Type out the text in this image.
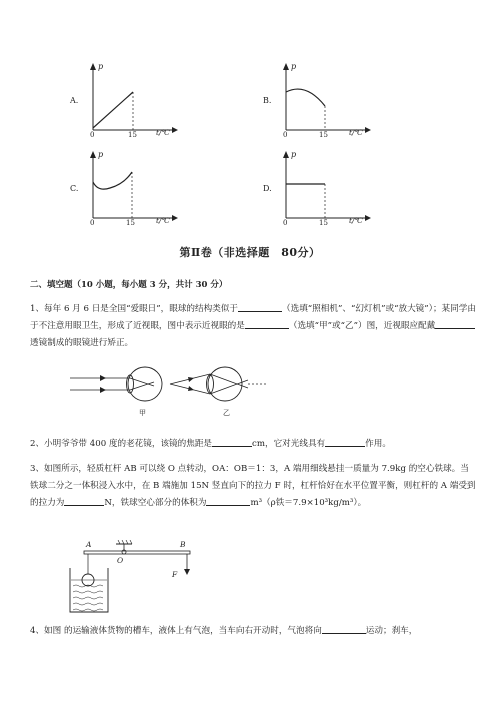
p
0	15	t/℃
A.
p
0	15	t/℃
B.
p
0	15	t/℃
C.
p
0	15	t/℃
D.
第Ⅱ卷（非选择题　80分）
二、填空题（10 小题，每小题 3 分，共计 30 分）
1、每年 6 月 6 日是全国“爱眼日”，眼球的结构类似于	（选填“照相机”、“幻灯机”或“放大镜”）；某同学由于不注意用眼卫生，形成了近视眼，图中表示近视眼的是	（选填“甲”或“乙”）图，近视眼应配戴透镜制成的眼镜进行矫正。
甲	乙
2、小明爷爷带 400 度的老花镜，该镜的焦距是	cm，它对光线具有	作用。
3、如图所示，轻质杠杆 AB 可以绕 O 点转动，OA：OB＝1：3，A 端用细线悬挂一质量为 7.9kg 的空心铁球。当铁球二分之一体积浸入水中，在 B 端施加 15N 竖直向下的拉力 F 时，杠杆恰好在水平位置平衡，则杠杆的 A 端受到的拉力为	N，铁球空心部分的体积为	m³（ρ铁＝7.9×10³kg/m³）。
A
O
B
F
4、如图 的运输液体货物的槽车，液体上有气泡，当车向右开动时，气泡将向	运动；刹车，
